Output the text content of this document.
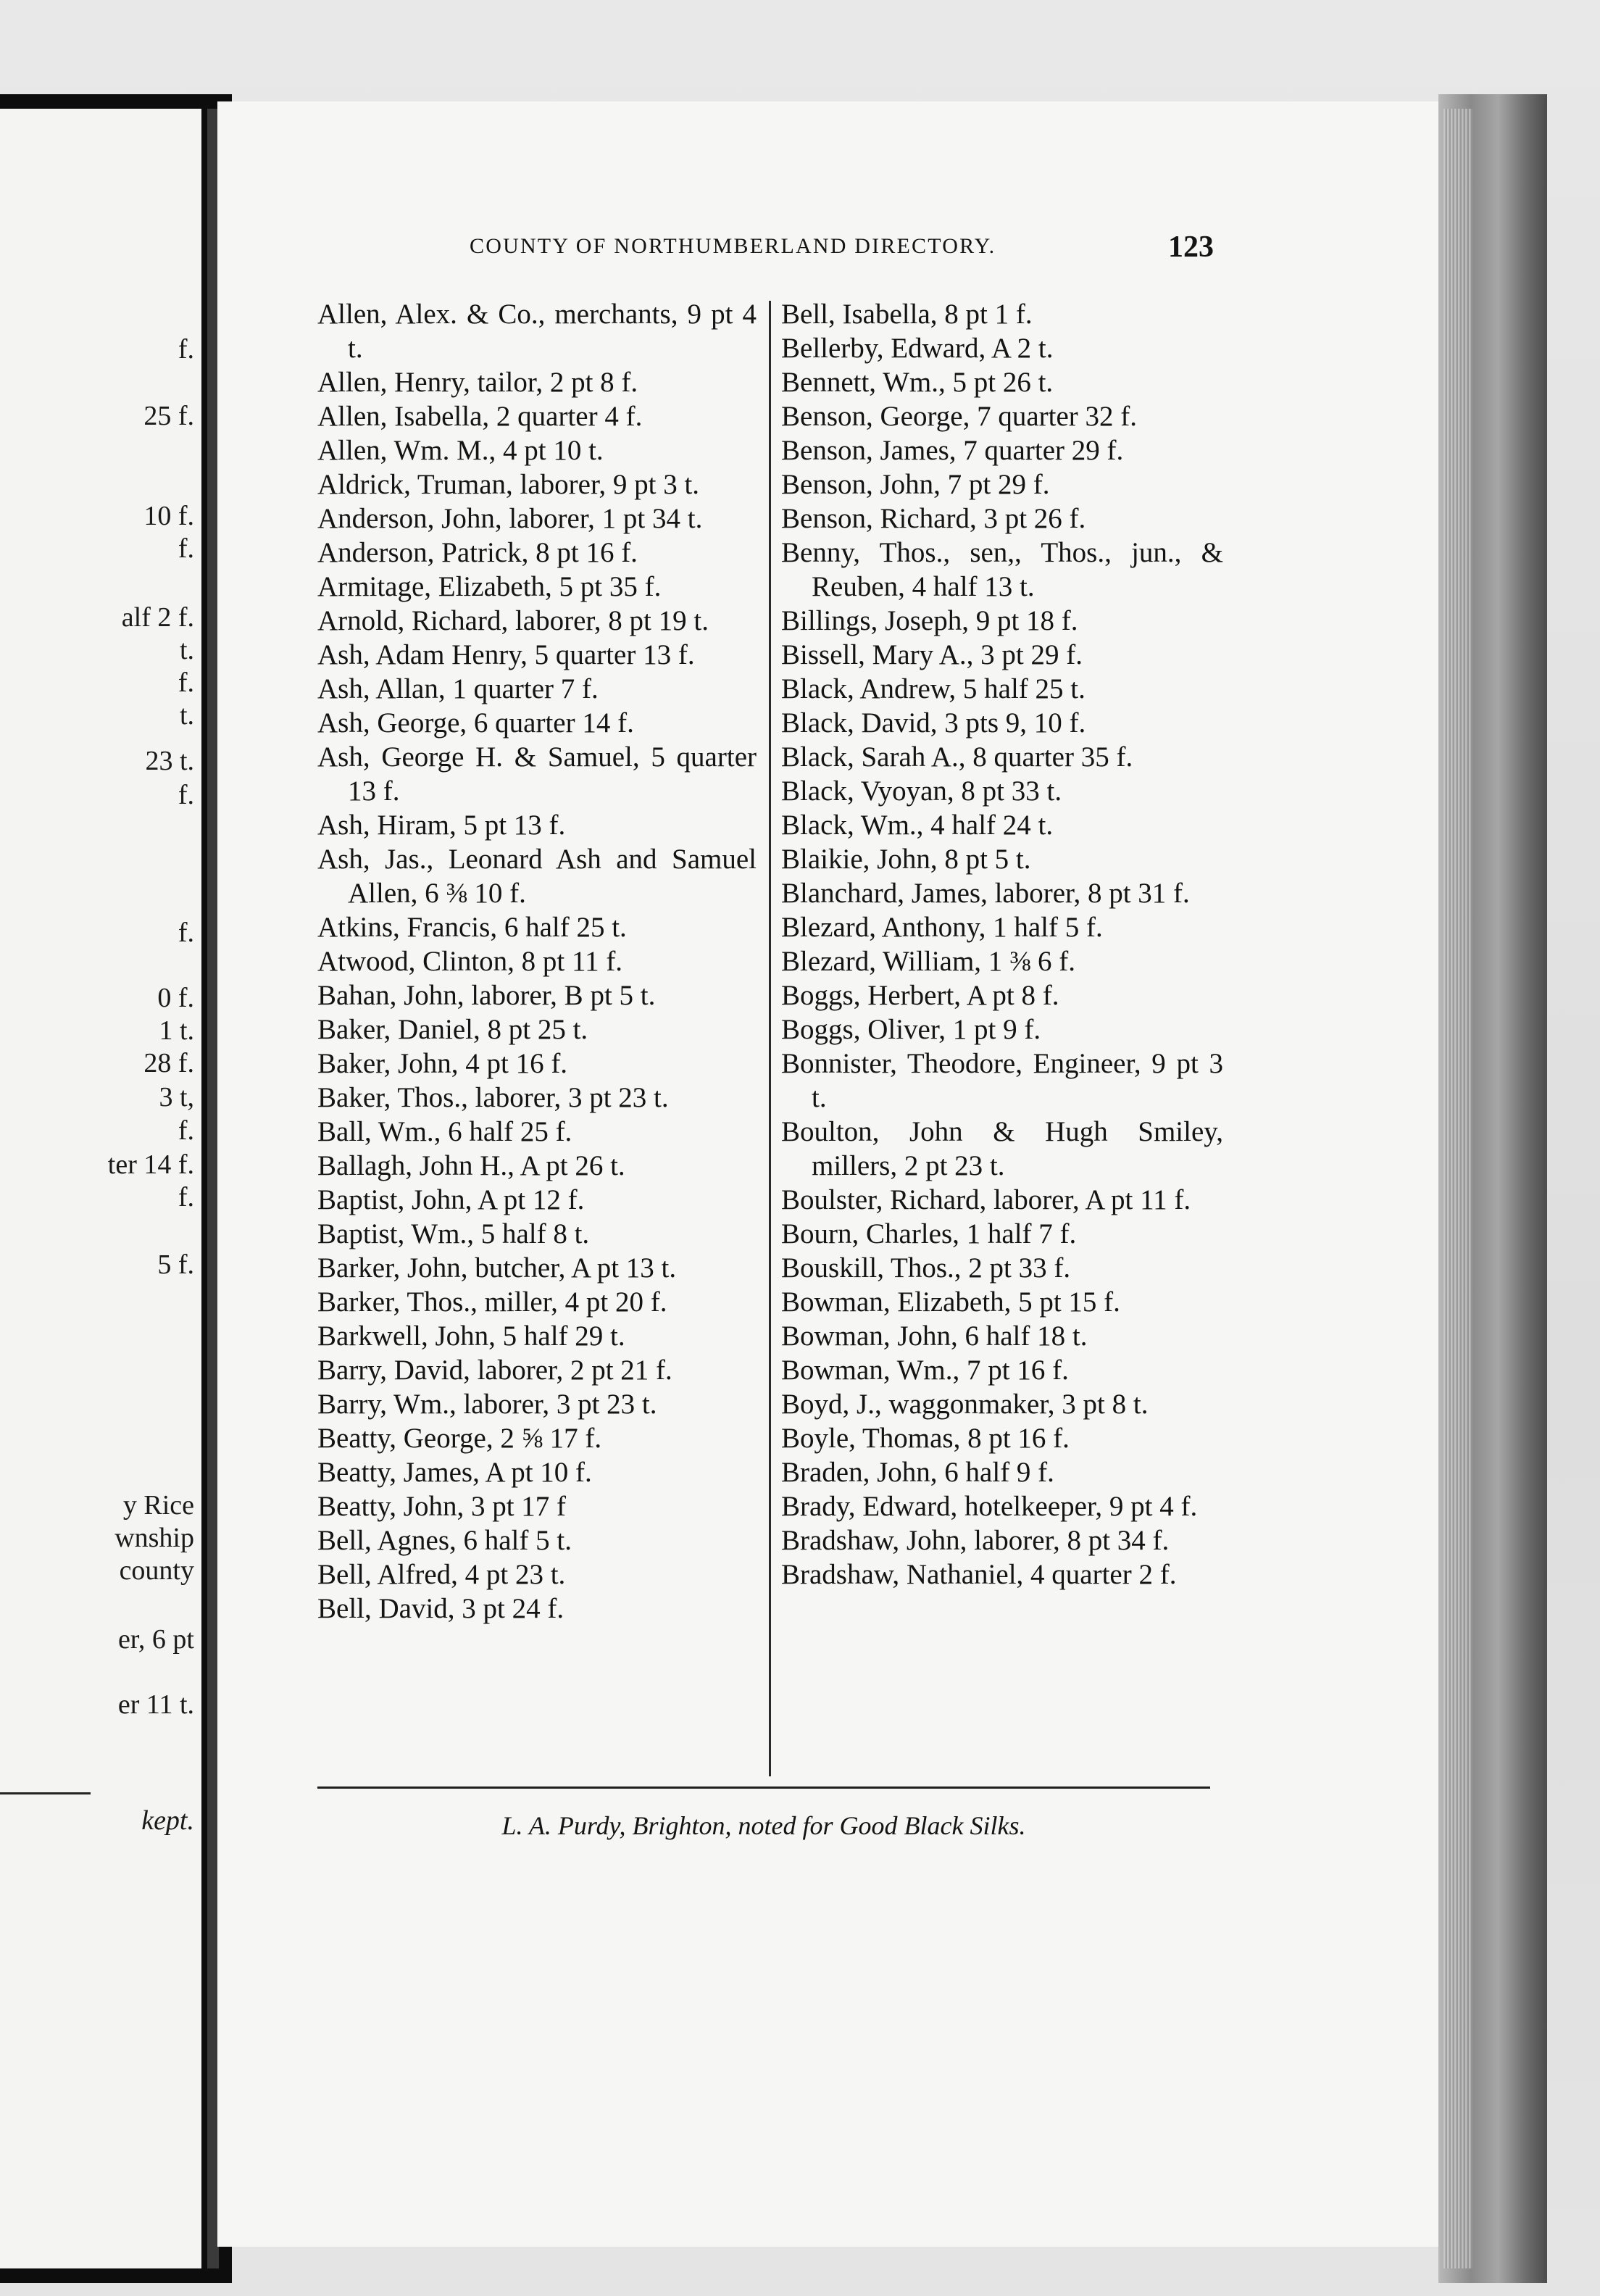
f.
25 f.
10 f.
f.
alf 2 f.
t.
f.
t.
23 t.
f.
f.
0 f.
1 t.
28 f.
3 t,
f.
ter 14 f.
f.
5 f.
y Rice
wnship
county
er, 6 pt
er 11 t.
kept.
COUNTY OF NORTHUMBERLAND DIRECTORY.	123

Allen, Alex. & Co., merchants, 9 pt 4 t.

Allen, Henry, tailor, 2 pt 8 f.

Allen, Isabella, 2 quarter 4 f.

Allen, Wm. M., 4 pt 10 t.

Aldrick, Truman, laborer, 9 pt 3 t.

Anderson, John, laborer, 1 pt 34 t.

Anderson, Patrick, 8 pt 16 f.

Armitage, Elizabeth, 5 pt 35 f.

Arnold, Richard, laborer, 8 pt 19 t.

Ash, Adam Henry, 5 quarter 13 f.

Ash, Allan, 1 quarter 7 f.

Ash, George, 6 quarter 14 f.

Ash, George H. & Samuel, 5 quarter 13 f.

Ash, Hiram, 5 pt 13 f.

Ash, Jas., Leonard Ash and Samuel Allen, 6 ⅜ 10 f.

Atkins, Francis, 6 half 25 t.

Atwood, Clinton, 8 pt 11 f.

Bahan, John, laborer, B pt 5 t.

Baker, Daniel, 8 pt 25 t.

Baker, John, 4 pt 16 f.

Baker, Thos., laborer, 3 pt 23 t.

Ball, Wm., 6 half 25 f.

Ballagh, John H., A pt 26 t.

Baptist, John, A pt 12 f.

Baptist, Wm., 5 half 8 t.

Barker, John, butcher, A pt 13 t.

Barker, Thos., miller, 4 pt 20 f.

Barkwell, John, 5 half 29 t.

Barry, David, laborer, 2 pt 21 f.

Barry, Wm., laborer, 3 pt 23 t.

Beatty, George, 2 ⅝ 17 f.

Beatty, James, A pt 10 f.

Beatty, John, 3 pt 17 f

Bell, Agnes, 6 half 5 t.

Bell, Alfred, 4 pt 23 t.

Bell, David, 3 pt 24 f.

Bell, Isabella, 8 pt 1 f.

Bellerby, Edward, A 2 t.

Bennett, Wm., 5 pt 26 t.

Benson, George, 7 quarter 32 f.

Benson, James, 7 quarter 29 f.

Benson, John, 7 pt 29 f.

Benson, Richard, 3 pt 26 f.

Benny, Thos., sen,, Thos., jun., & Reuben, 4 half 13 t.

Billings, Joseph, 9 pt 18 f.

Bissell, Mary A., 3 pt 29 f.

Black, Andrew, 5 half 25 t.

Black, David, 3 pts 9, 10 f.

Black, Sarah A., 8 quarter 35 f.

Black, Vyoyan, 8 pt 33 t.

Black, Wm., 4 half 24 t.

Blaikie, John, 8 pt 5 t.

Blanchard, James, laborer, 8 pt 31 f.

Blezard, Anthony, 1 half 5 f.

Blezard, William, 1 ⅜ 6 f.

Boggs, Herbert, A pt 8 f.

Boggs, Oliver, 1 pt 9 f.

Bonnister, Theodore, Engineer, 9 pt 3 t.

Boulton, John & Hugh Smiley, millers, 2 pt 23 t.

Boulster, Richard, laborer, A pt 11 f.

Bourn, Charles, 1 half 7 f.

Bouskill, Thos., 2 pt 33 f.

Bowman, Elizabeth, 5 pt 15 f.

Bowman, John, 6 half 18 t.

Bowman, Wm., 7 pt 16 f.

Boyd, J., waggonmaker, 3 pt 8 t.

Boyle, Thomas, 8 pt 16 f.

Braden, John, 6 half 9 f.

Brady, Edward, hotelkeeper, 9 pt 4 f.

Bradshaw, John, laborer, 8 pt 34 f.

Bradshaw, Nathaniel, 4 quarter 2 f.

L. A. Purdy, Brighton, noted for Good Black Silks.
